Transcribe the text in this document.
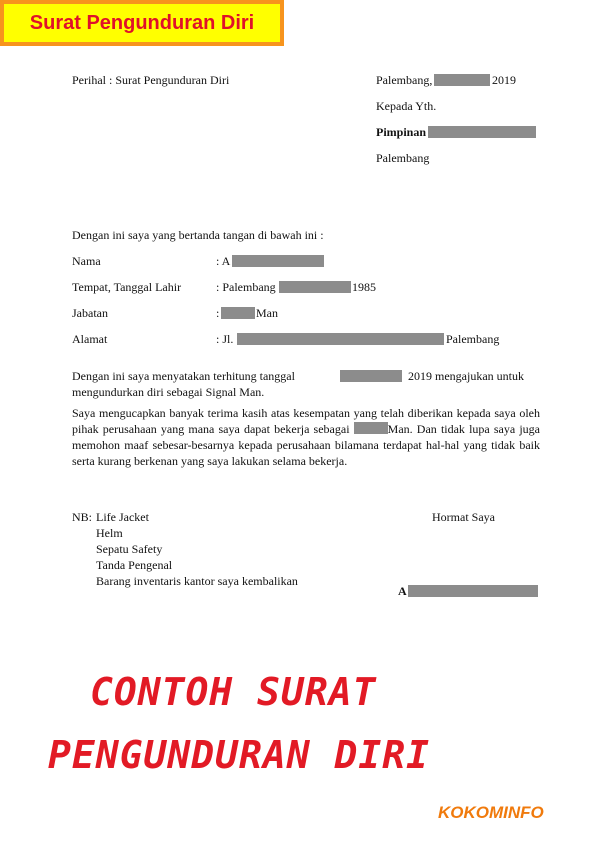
Surat Pengunduran Diri
Perihal : Surat Pengunduran Diri	Palembang,	2019
Kepada Yth.
Pimpinan
Palembang
Dengan ini saya yang bertanda tangan di bawah ini :
Nama	: A
Tempat, Tanggal Lahir	: Palembang	1985
Jabatan	:	Man
Alamat	: Jl.	Palembang
Dengan ini saya menyatakan terhitung tanggal	2019 mengajukan untuk
mengundurkan diri sebagai Signal Man.
Saya mengucapkan banyak terima kasih atas kesempatan yang telah diberikan kepada saya oleh pihak perusahaan yang mana saya dapat bekerja sebagai	Man. Dan tidak lupa saya juga memohon maaf sebesar-besarnya kepada perusahaan bilamana terdapat hal-hal yang tidak baik serta kurang berkenan yang saya lakukan selama bekerja.
NB: Life Jacket
Helm
Sepatu Safety
Tanda Pengenal
Barang inventaris kantor saya kembalikan
Hormat Saya
A
CONTOH SURAT
PENGUNDURAN DIRI
KOKOMINFO
